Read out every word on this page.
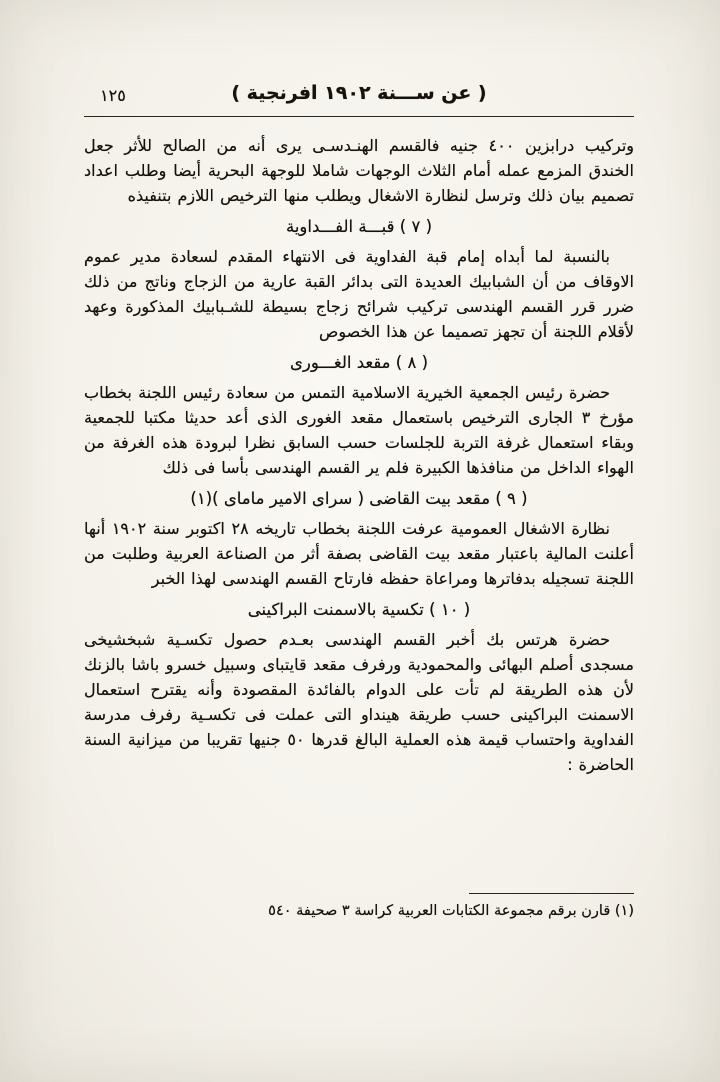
( عن ســـنة ١٩٠٢ افرنجية )
١٢٥

وتركيب درابزين ٤٠٠ جنيه فالقسم الهنـدسـى يرى أنه من الصالح للأثر جعل الخندق المزمع عمله أمام الثلاث الوجهات شاملا للوجهة البحرية أيضا وطلب اعداد تصميم بيان ذلك وترسل لنظارة الاشغال ويطلب منها الترخيص اللازم بتنفيذه

( ٧ ) قبـــة الفـــداوية

بالنسبة لما أبداه إمام قبة الفداوية فى الانتهاء المقدم لسعادة مدير عموم الاوقاف من أن الشبابيك العديدة التى بدائر القبة عارية من الزجاج وناتج من ذلك ضرر قرر القسم الهندسى تركيب شرائح زجاج بسيطة للشـبابيك المذكورة وعهد لأقلام اللجنة أن تجهز تصميما عن هذا الخصوص

( ٨ ) مقعد الغـــورى

حضرة رئيس الجمعية الخيرية الاسلامية التمس من سعادة رئيس اللجنة بخطاب مؤرخ ٣ الجارى الترخيص باستعمال مقعد الغورى الذى أعد حديثا مكتبا للجمعية وبقاء استعمال غرفة التربة للجلسات حسب السابق نظرا لبرودة هذه الغرفة من الهواء الداخل من منافذها الكبيرة فلم ير القسم الهندسى بأسا فى ذلك

( ٩ ) مقعد بيت القاضى ( سراى الامير ماماى )(١)

نظارة الاشغال العمومية عرفت اللجنة بخطاب تاريخه ٢٨ اكتوبر سنة ١٩٠٢ أنها أعلنت المالية باعتبار مقعد بيت القاضى بصفة أثر من الصناعة العربية وطلبت من اللجنة تسجيله بدفاترها ومراعاة حفظه فارتاح القسم الهندسى لهذا الخبر

( ١٠ ) تكسية بالاسمنت البراكينى

حضرة هرتس بك أخبر القسم الهندسى بعـدم حصول تكسـية شبخشيخى مسجدى أصلم البهائى والمحمودية ورفرف مقعد قايتباى وسبيل خسرو باشا بالزنك لأن هذه الطريقة لم تأت على الدوام بالفائدة المقصودة وأنه يقترح استعمال الاسمنت البراكينى حسب طريقة هينداو التى عملت فى تكسـية رفرف مدرسة الفداوية واحتساب قيمة هذه العملية البالغ قدرها ٥٠ جنيها تقريبا من ميزانية السنة الحاضرة :

(١) قارن برقم مجموعة الكتابات العربية كراسة ٣ صحيفة ٥٤٠
